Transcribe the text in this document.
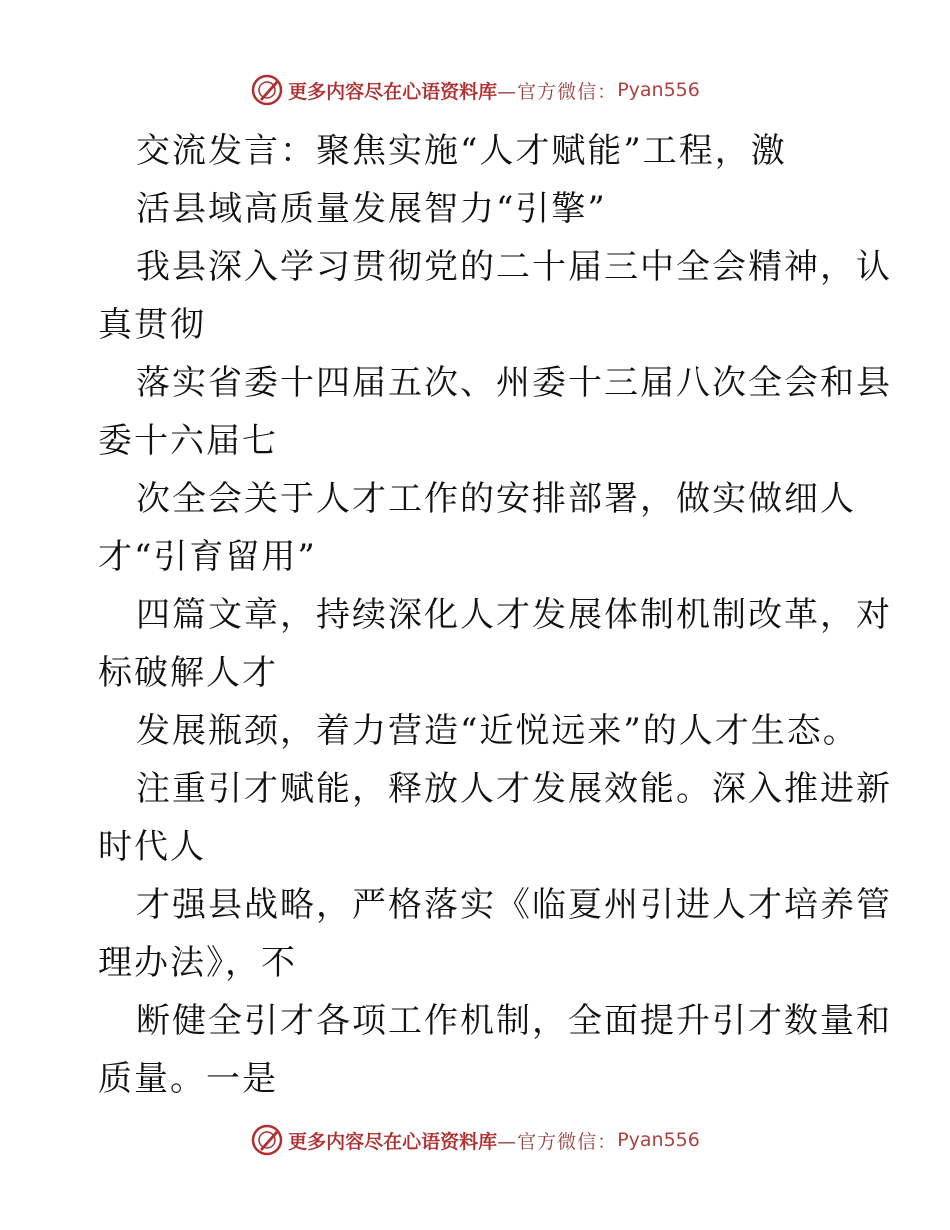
更多内容尽在心语资料库 —官方微信： Pyan556
交流发言：聚焦实施“人才赋能”工程，激
活县域高质量发展智力“引擎”
我县深入学习贯彻党的二十届三中全会精神，认
真贯彻
落实省委十四届五次、州委十三届八次全会和县
委十六届七
次全会关于人才工作的安排部署，做实做细人
才“引育留用”
四篇文章，持续深化人才发展体制机制改革，对
标破解人才
发展瓶颈，着力营造“近悦远来”的人才生态。
注重引才赋能，释放人才发展效能。深入推进新
时代人
才强县战略，严格落实《临夏州引进人才培养管
理办法》，不
断健全引才各项工作机制，全面提升引才数量和
质量。一是
更多内容尽在心语资料库 —官方微信： Pyan556
